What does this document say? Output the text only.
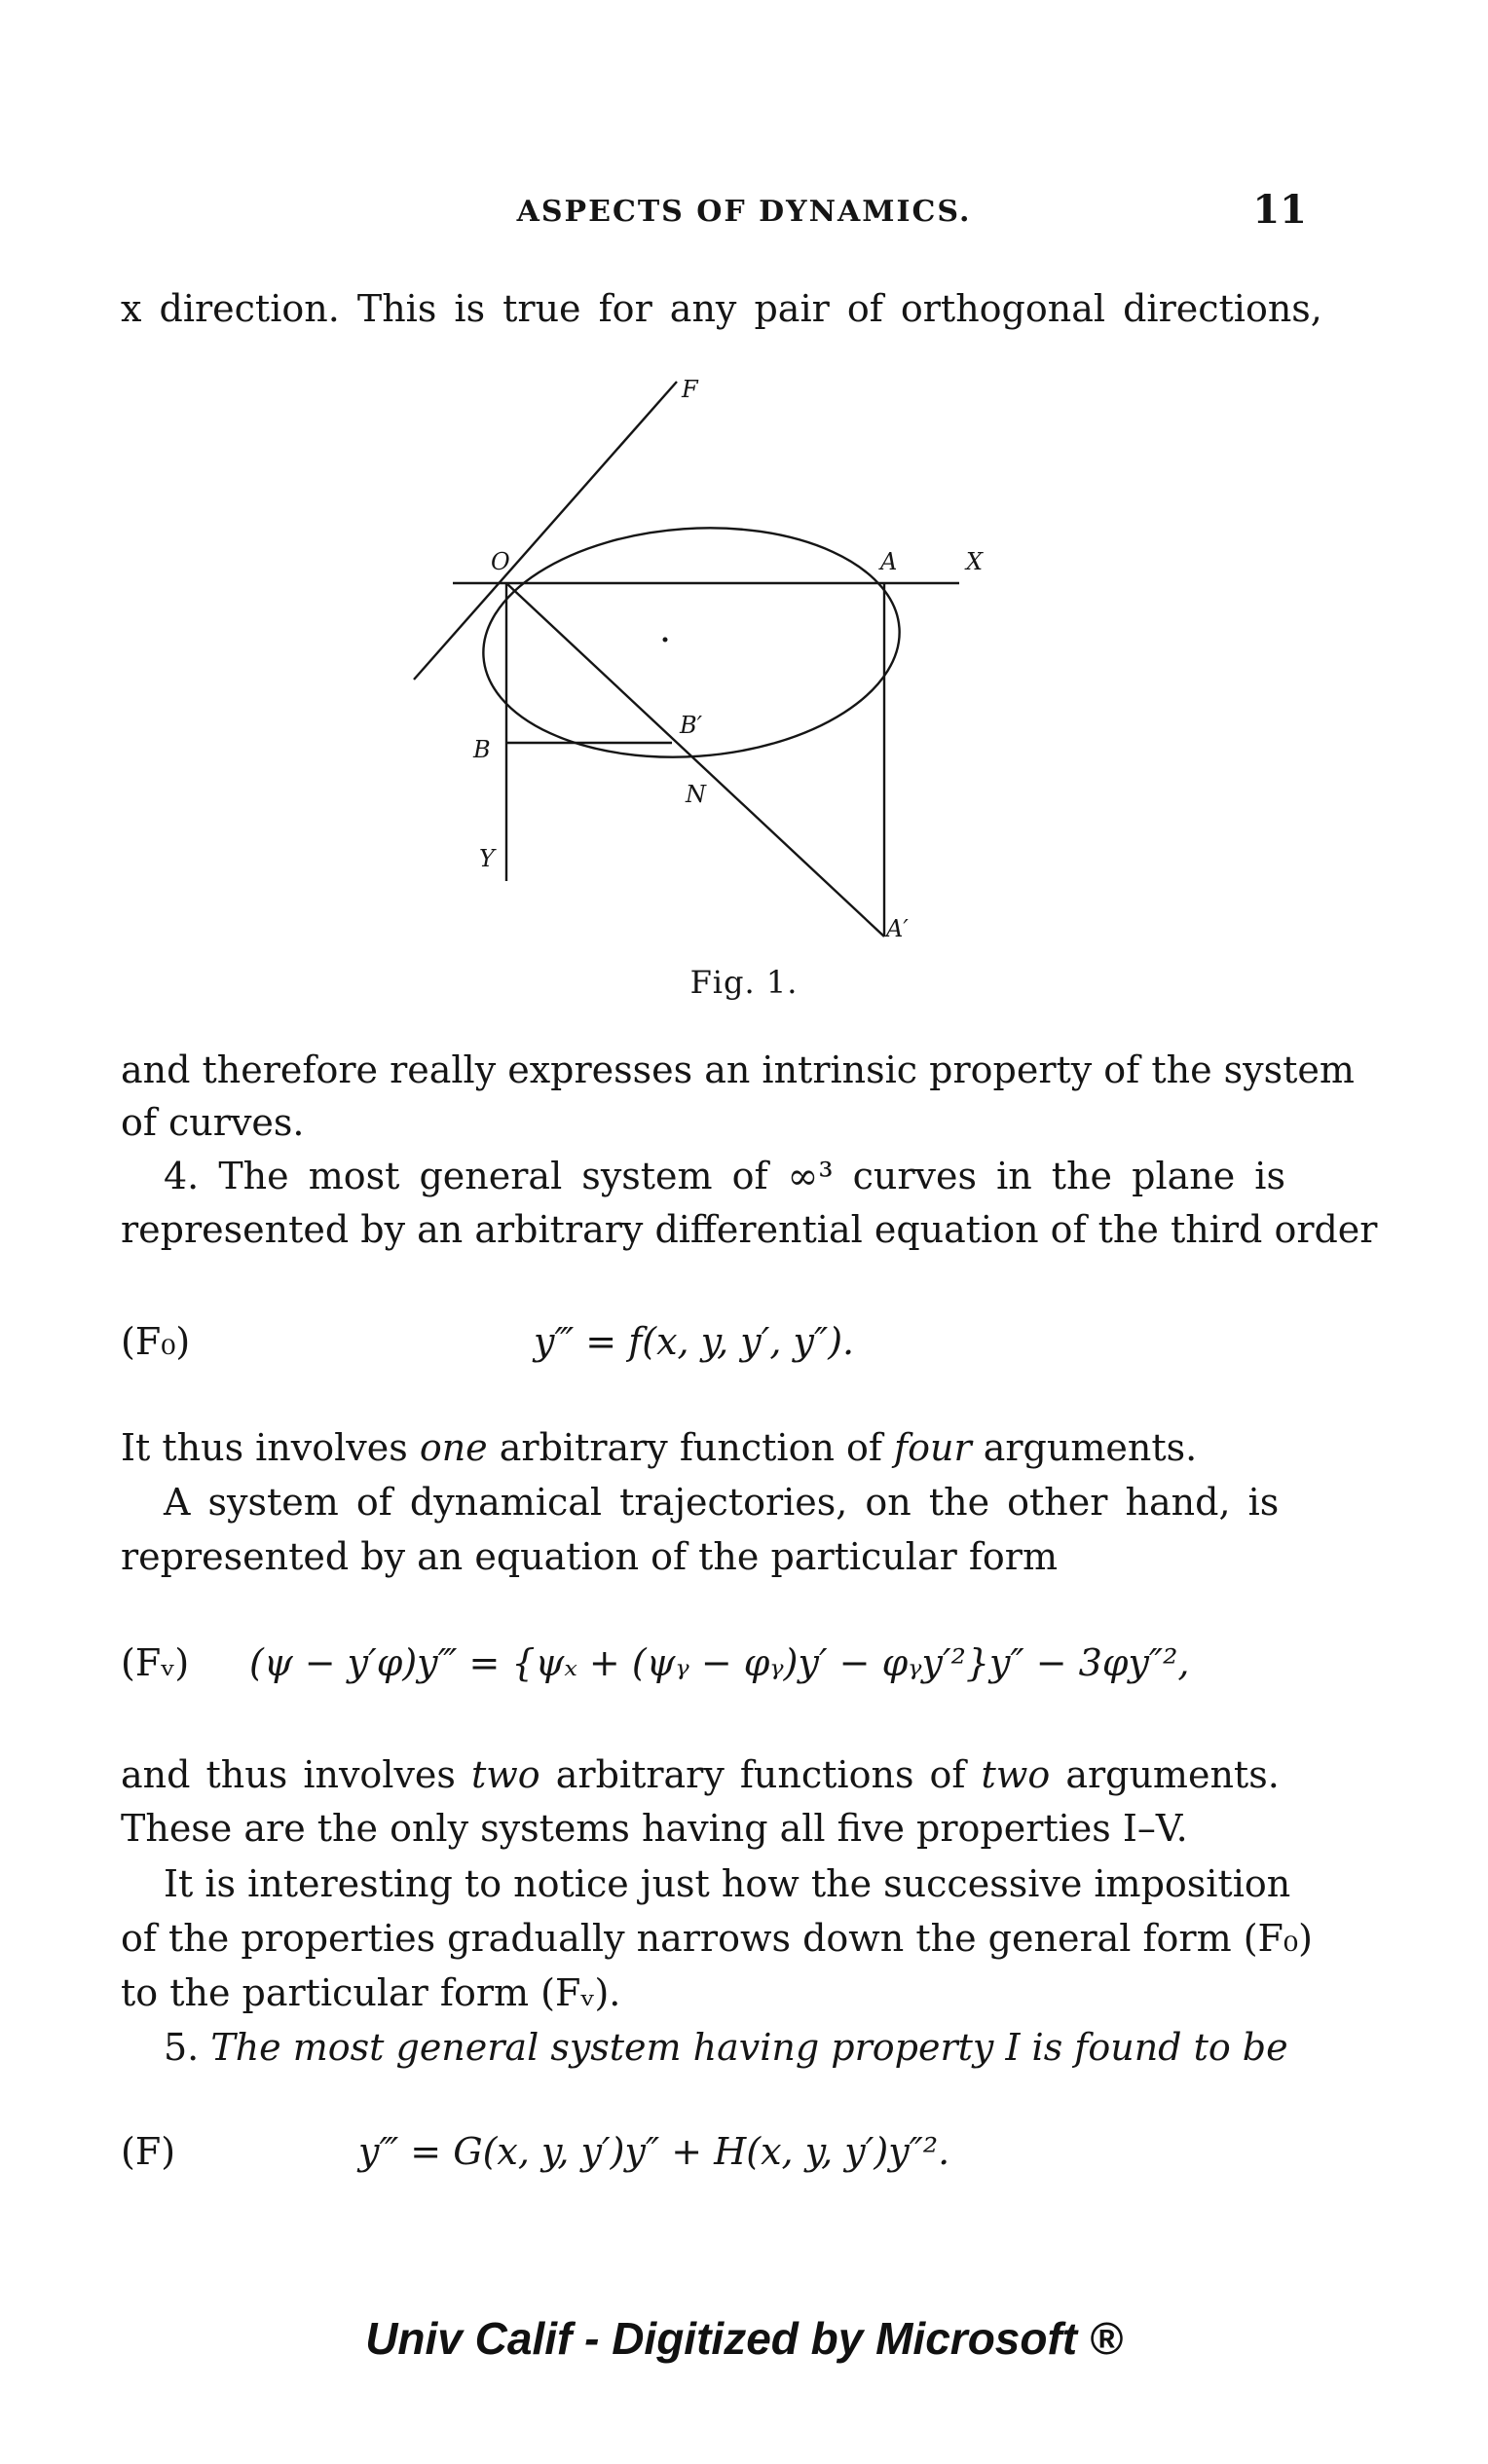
ASPECTS OF DYNAMICS.	11
x direction. This is true for any pair of orthogonal directions,
F
O	A	X
B
B′
N
Y
A′
Fig. 1.
and therefore really expresses an intrinsic property of the system
of curves.
4. The most general system of ∞³ curves in the plane is
represented by an arbitrary differential equation of the third order
(F₀)	y‴ = f(x, y, y′, y″).
It thus involves one arbitrary function of four arguments.
A system of dynamical trajectories, on the other hand, is
represented by an equation of the particular form
(Fᵥ) (ψ − y′φ)y‴ = {ψₓ + (ψᵧ − φᵧ)y′ − φᵧy′²}y″ − 3φy″²,
and thus involves two arbitrary functions of two arguments.
These are the only systems having all five properties I–V.
It is interesting to notice just how the successive imposition
of the properties gradually narrows down the general form (F₀)
to the particular form (Fᵥ).
5. The most general system having property I is found to be
(F)	y‴ = G(x, y, y′)y″ + H(x, y, y′)y″².
Univ Calif - Digitized by Microsoft ®
